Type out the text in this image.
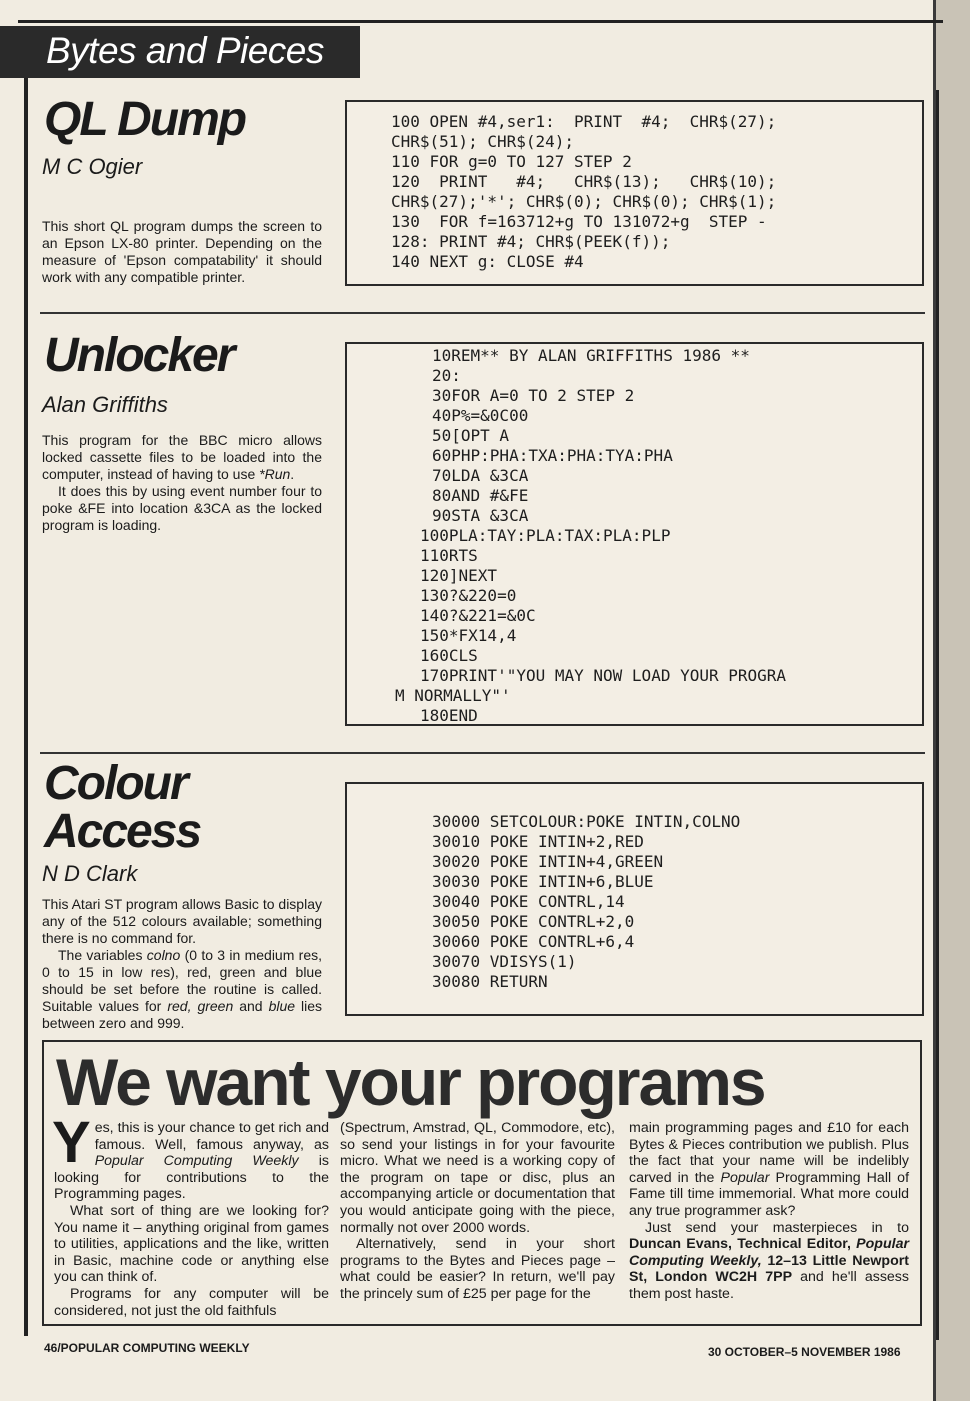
Bytes and Pieces
QL Dump

M C Ogier

This short QL program dumps the screen to an Epson LX-80 printer. Depending on the measure of 'Epson compatability' it should work with any compatible printer.

100 OPEN #4,ser1:  PRINT  #4;  CHR$(27);
CHR$(51); CHR$(24);
110 FOR g=0 TO 127 STEP 2
120  PRINT   #4;   CHR$(13);   CHR$(10);
CHR$(27);'*'; CHR$(0); CHR$(0); CHR$(1);
130  FOR f=163712+g TO 131072+g  STEP -
128: PRINT #4; CHR$(PEEK(f));
140 NEXT g: CLOSE #4
Unlocker

Alan Griffiths

This program for the BBC micro allows locked cassette files to be loaded into the computer, instead of having to use *Run.

It does this by using event number four to poke &FE into location &3CA as the locked program is loading.

10REM** BY ALAN GRIFFITHS 1986 **
20:
30FOR A=0 TO 2 STEP 2
40P%=&0C00
50[OPT A
60PHP:PHA:TXA:PHA:TYA:PHA
70LDA &3CA
80AND #&FE
90STA &3CA
100PLA:TAY:PLA:TAX:PLA:PLP
110RTS
120]NEXT
130?&220=0
140?&221=&0C
150*FX14,4
160CLS
170PRINT'"YOU MAY NOW LOAD YOUR PROGRA
M NORMALLY"'
180END
Colour
Access

N D Clark

This Atari ST program allows Basic to display any of the 512 colours available; something there is no command for.

The variables colno (0 to 3 in medium res, 0 to 15 in low res), red, green and blue should be set before the routine is called. Suitable values for red, green and blue lies between zero and 999.

30000 SETCOLOUR:POKE INTIN,COLNO
30010 POKE INTIN+2,RED
30020 POKE INTIN+4,GREEN
30030 POKE INTIN+6,BLUE
30040 POKE CONTRL,14
30050 POKE CONTRL+2,0
30060 POKE CONTRL+6,4
30070 VDISYS(1)
30080 RETURN
We want your programs

Yes, this is your chance to get rich and famous. Well, famous anyway, as Popular Computing Weekly is looking for contributions to the Programming pages.

What sort of thing are we looking for? You name it – anything original from games to utilities, applications and the like, written in Basic, machine code or anything else you can think of.

Programs for any computer will be considered, not just the old faithfuls

(Spectrum, Amstrad, QL, Commodore, etc), so send your listings in for your favourite micro. What we need is a working copy of the program on tape or disc, plus an accompanying article or documentation that you would anticipate going with the piece, normally not over 2000 words.

Alternatively, send in your short programs to the Bytes and Pieces page – what could be easier? In return, we'll pay the princely sum of £25 per page for the

main programming pages and £10 for each Bytes & Pieces contribution we publish. Plus the fact that your name will be indelibly carved in the Popular Programming Hall of Fame till time immemorial. What more could any true programmer ask?

Just send your masterpieces in to Duncan Evans, Technical Editor, Popular Computing Weekly, 12–13 Little Newport St, London WC2H 7PP and he'll assess them post haste.

46/POPULAR COMPUTING WEEKLY	30 OCTOBER–5 NOVEMBER 1986
